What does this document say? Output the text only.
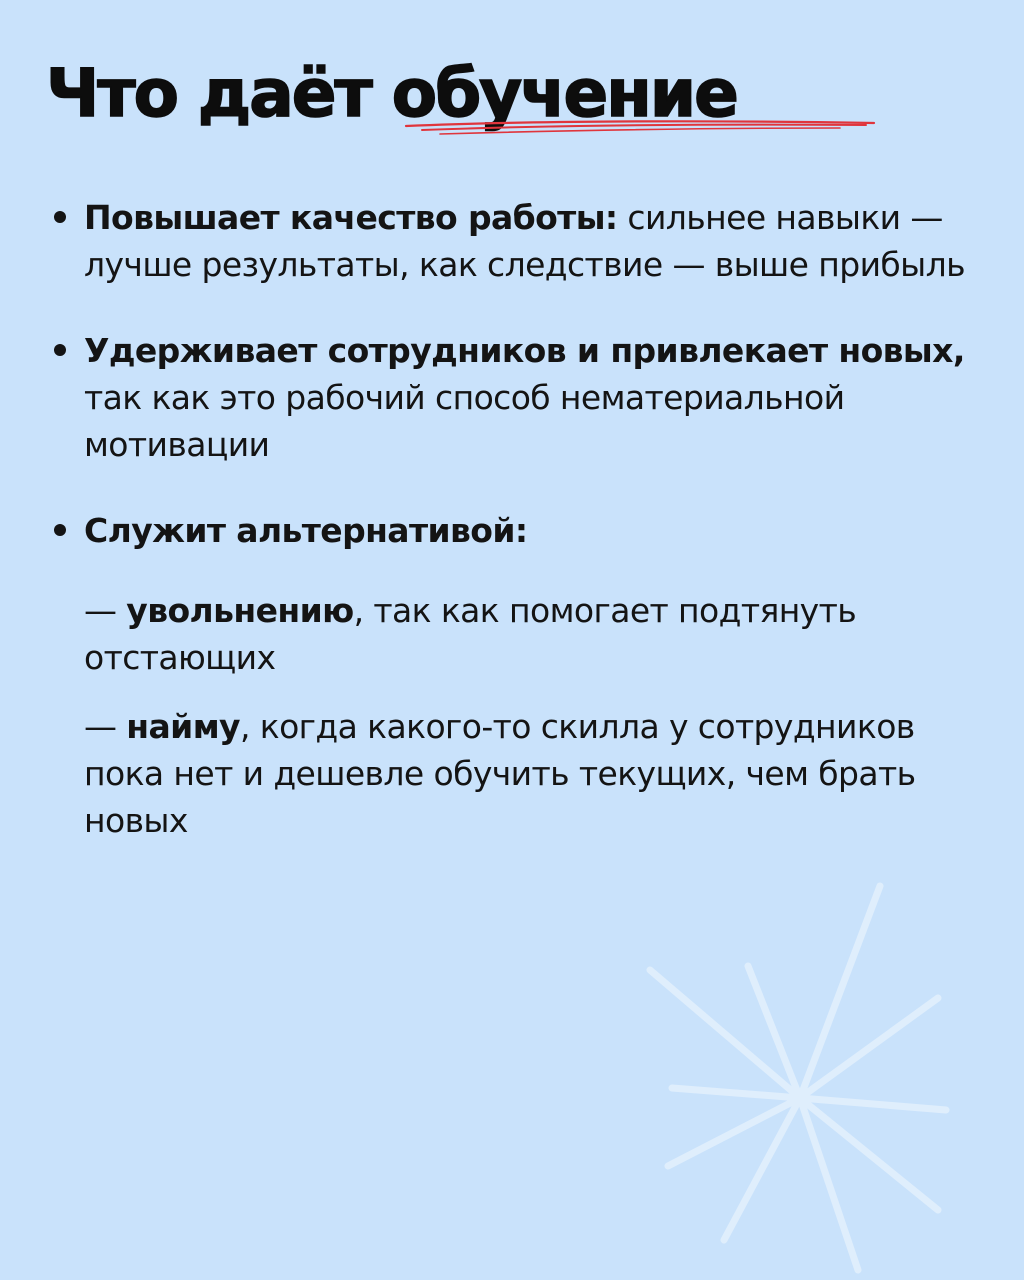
Что даёт обучение
Повышает качество работы: сильнее навыки — лучше результаты, как следствие — выше прибыль
Удерживает сотрудников и привлекает новых, так как это рабочий способ нематериальной мотивации
Служит альтернативой:
— увольнению, так как помогает подтянуть отстающих
— найму, когда какого-то скилла у сотрудников пока нет и дешевле обучить текущих, чем брать новых
